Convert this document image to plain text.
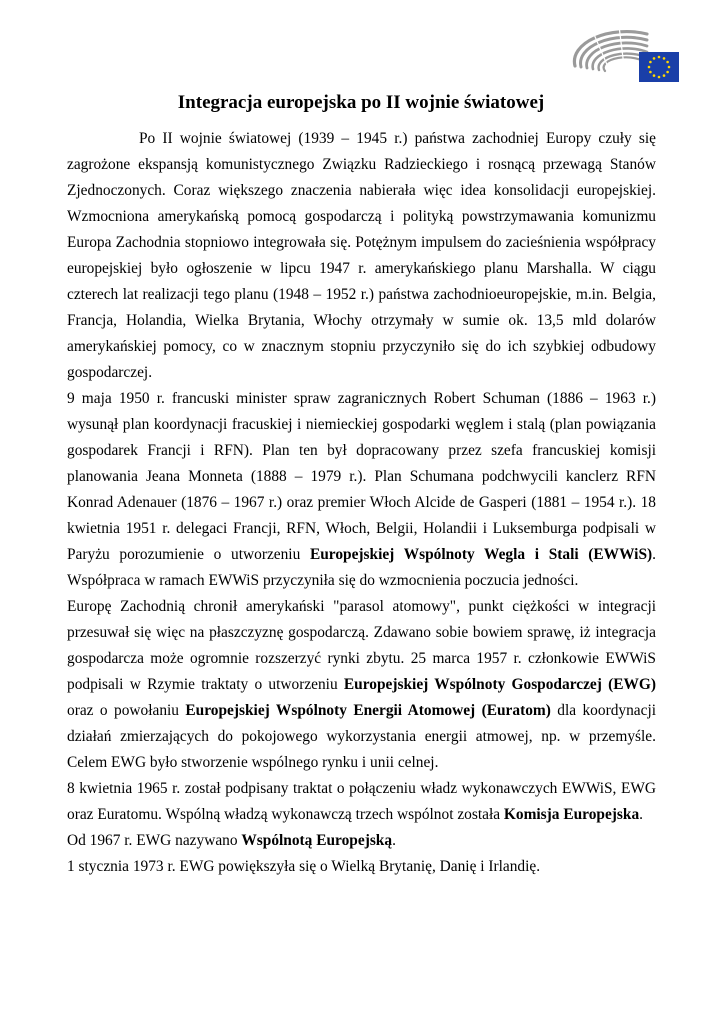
Integracja europejska po II wojnie światowej

Po II wojnie światowej (1939 – 1945 r.) państwa zachodniej Europy czuły się zagrożone ekspansją komunistycznego Związku Radzieckiego i rosnącą przewagą Stanów Zjednoczonych. Coraz większego znaczenia nabierała więc idea konsolidacji europejskiej. Wzmocniona amerykańską pomocą gospodarczą i polityką powstrzymawania komunizmu Europa Zachodnia stopniowo integrowała się. Potężnym impulsem do zacieśnienia współpracy europejskiej było ogłoszenie w lipcu 1947 r. amerykańskiego planu Marshalla. W ciągu czterech lat realizacji tego planu (1948 – 1952 r.) państwa zachodnioeuropejskie, m.in. Belgia, Francja, Holandia, Wielka Brytania, Włochy otrzymały w sumie ok. 13,5 mld dolarów amerykańskiej pomocy, co w znacznym stopniu przyczyniło się do ich szybkiej odbudowy gospodarczej.

9 maja 1950 r. francuski minister spraw zagranicznych Robert Schuman (1886 – 1963 r.) wysunął plan koordynacji fracuskiej i niemieckiej gospodarki węglem i stalą (plan powiązania gospodarek Francji i RFN). Plan ten był dopracowany przez szefa francuskiej komisji planowania Jeana Monneta (1888 – 1979 r.). Plan Schumana podchwycili kanclerz RFN Konrad Adenauer (1876 – 1967 r.) oraz premier Włoch Alcide de Gasperi (1881 – 1954 r.). 18 kwietnia 1951 r. delegaci Francji, RFN, Włoch, Belgii, Holandii i Luksemburga podpisali w Paryżu porozumienie o utworzeniu Europejskiej Wspólnoty Wegla i Stali (EWWiS). Współpraca w ramach EWWiS przyczyniła się do wzmocnienia poczucia jedności.

Europę Zachodnią chronił amerykański "parasol atomowy", punkt ciężkości w integracji przesuwał się więc na płaszczyznę gospodarczą. Zdawano sobie bowiem sprawę, iż integracja gospodarcza może ogromnie rozszerzyć rynki zbytu. 25 marca 1957 r. członkowie EWWiS podpisali w Rzymie traktaty o utworzeniu Europejskiej Wspólnoty Gospodarczej (EWG) oraz o powołaniu Europejskiej Wspólnoty Energii Atomowej (Euratom) dla koordynacji działań zmierzających do pokojowego wykorzystania energii atmowej, np. w przemyśle. Celem EWG było stworzenie wspólnego rynku i unii celnej.

8 kwietnia 1965 r. został podpisany traktat o połączeniu władz wykonawczych EWWiS, EWG oraz Euratomu. Wspólną władzą wykonawczą trzech wspólnot została Komisja Europejska.

Od 1967 r. EWG nazywano Wspólnotą Europejską.

1 stycznia 1973 r. EWG powiększyła się o Wielką Brytanię, Danię i Irlandię.
